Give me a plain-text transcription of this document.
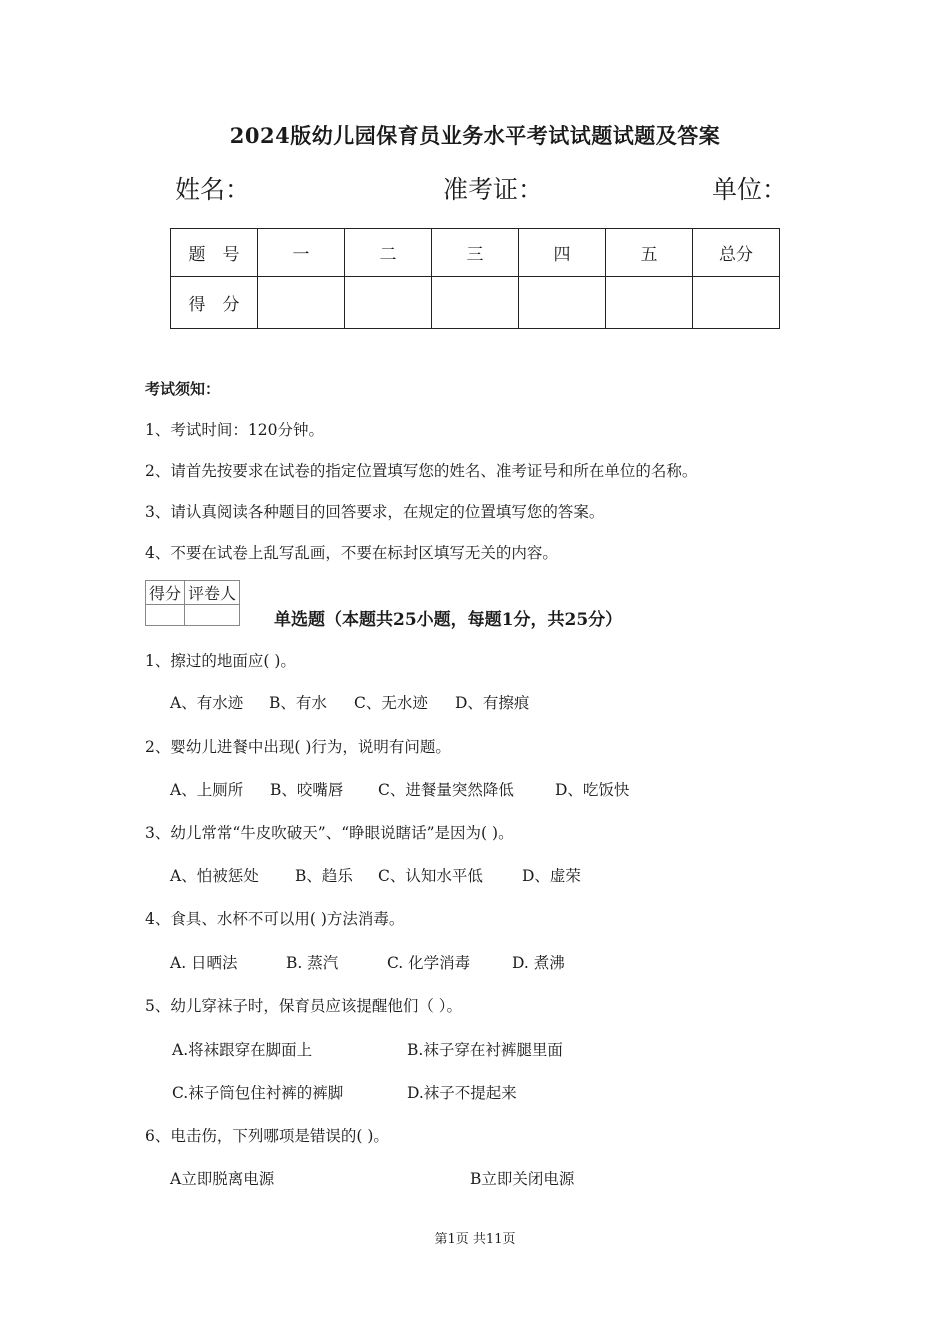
2024版幼儿园保育员业务水平考试试题试题及答案
姓名：	准考证：	单位：
题　号	一	二	三	四	五	总分
得　分						
考试须知：
1、考试时间：120分钟。
2、请首先按要求在试卷的指定位置填写您的姓名、准考证号和所在单位的名称。
3、请认真阅读各种题目的回答要求，在规定的位置填写您的答案。
4、不要在试卷上乱写乱画，不要在标封区填写无关的内容。
得分	评卷人

单选题（本题共25小题，每题1分，共25分）
1、擦过的地面应( )。
A、有水迹 B、有水 C、无水迹 D、有擦痕
2、婴幼儿进餐中出现( )行为，说明有问题。
A、上厕所 B、咬嘴唇 C、进餐量突然降低	D、吃饭快
3、幼儿常常“牛皮吹破天”、“睁眼说瞎话”是因为( )。
A、怕被惩处 B、趋乐 C、认知水平低	D、虚荣
4、食具、水杯不可以用( )方法消毒。
A. 日晒法	B. 蒸汽	C. 化学消毒	D. 煮沸
5、幼儿穿袜子时，保育员应该提醒他们（ ）。
A.将袜跟穿在脚面上	B.袜子穿在衬裤腿里面
C.袜子筒包住衬裤的裤脚	D.袜子不提起来
6、电击伤，下列哪项是错误的( )。
A立即脱离电源	B立即关闭电源
第1页 共11页
